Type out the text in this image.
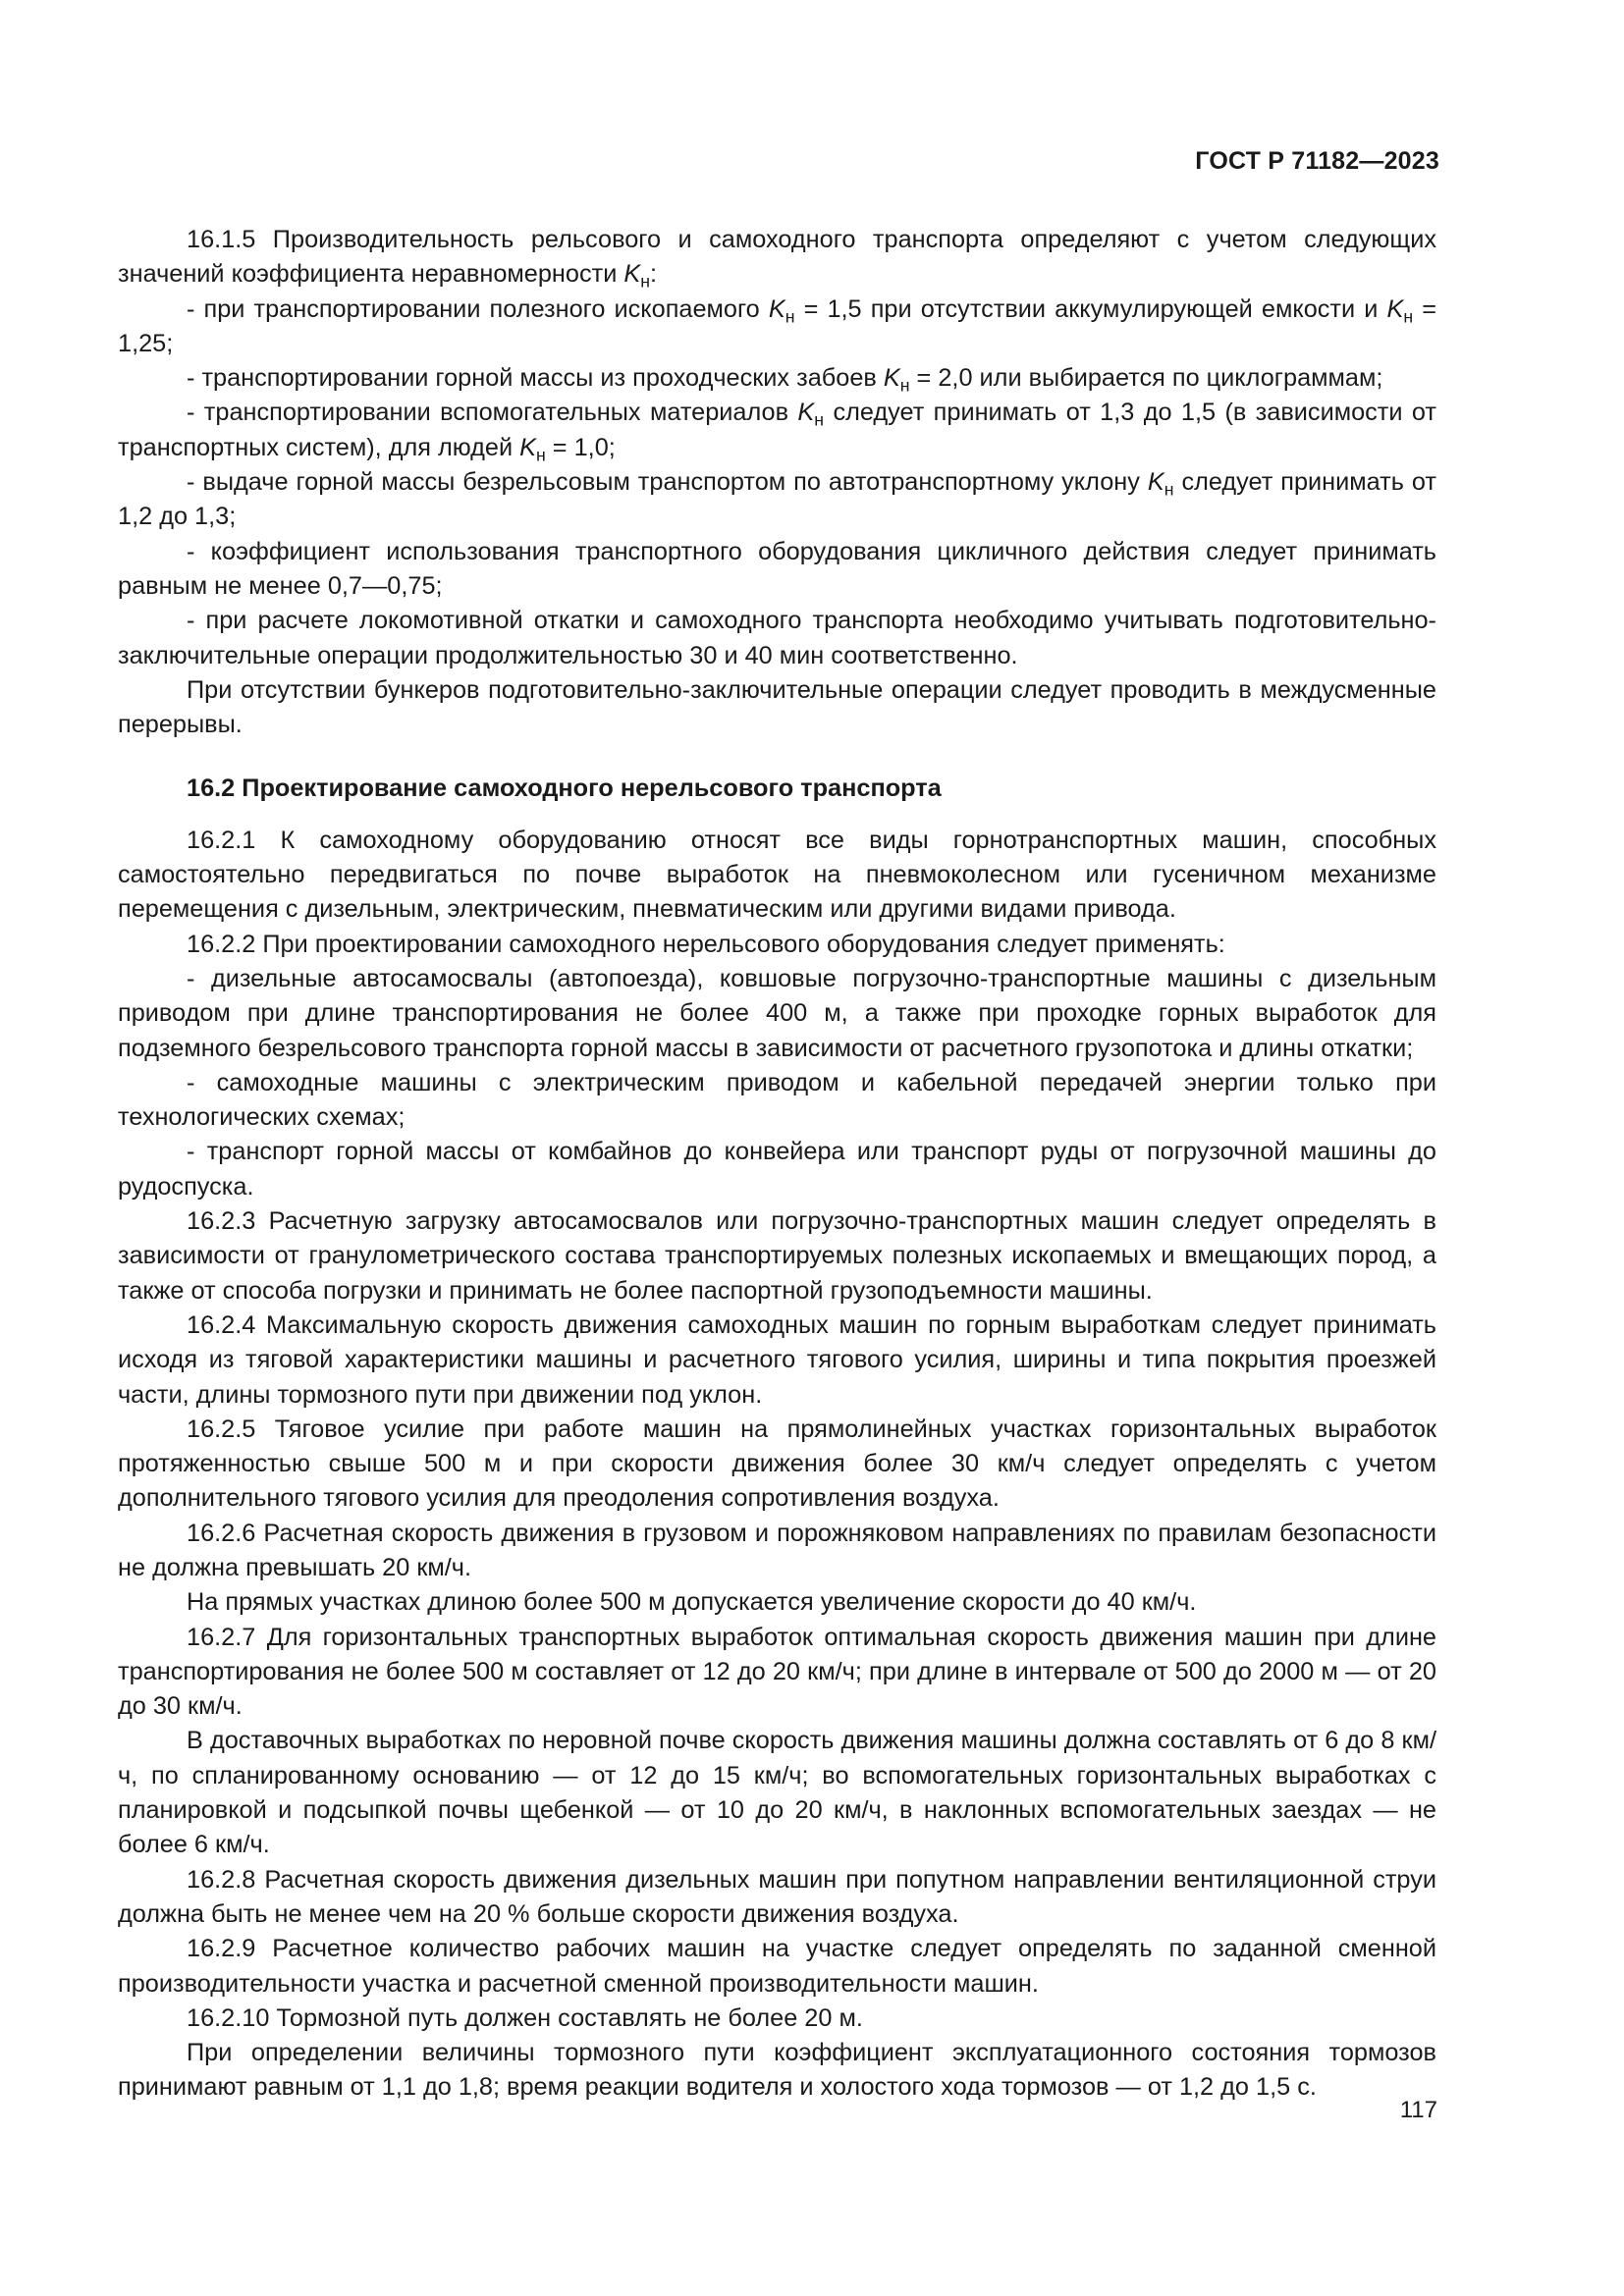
ГОСТ Р 71182—2023

16.1.5 Производительность рельсового и самоходного транспорта определяют с учетом следующих значений коэффициента неравномерности $K_н$:

- при транспортировании полезного ископаемого $K_н = 1,5$ при отсутствии аккумулирующей емкости и $K_н = 1,25$;

- транспортировании горной массы из проходческих забоев $K_н = 2,0$ или выбирается по циклограммам;

- транспортировании вспомогательных материалов $K_н$ следует принимать от 1,3 до 1,5 (в зависимости от транспортных систем), для людей $K_н = 1,0$;

- выдаче горной массы безрельсовым транспортом по автотранспортному уклону $K_н$ следует принимать от 1,2 до 1,3;

- коэффициент использования транспортного оборудования цикличного действия следует принимать равным не менее 0,7—0,75;

- при расчете локомотивной откатки и самоходного транспорта необходимо учитывать подготовительно-заключительные операции продолжительностью 30 и 40 мин соответственно.

При отсутствии бункеров подготовительно-заключительные операции следует проводить в междусменные перерывы.

16.2 Проектирование самоходного нерельсового транспорта

16.2.1 К самоходному оборудованию относят все виды горнотранспортных машин, способных самостоятельно передвигаться по почве выработок на пневмоколесном или гусеничном механизме перемещения с дизельным, электрическим, пневматическим или другими видами привода.

16.2.2 При проектировании самоходного нерельсового оборудования следует применять:

- дизельные автосамосвалы (автопоезда), ковшовые погрузочно-транспортные машины с дизельным приводом при длине транспортирования не более 400 м, а также при проходке горных выработок для подземного безрельсового транспорта горной массы в зависимости от расчетного грузопотока и длины откатки;

- самоходные машины с электрическим приводом и кабельной передачей энергии только при технологических схемах;

- транспорт горной массы от комбайнов до конвейера или транспорт руды от погрузочной машины до рудоспуска.

16.2.3 Расчетную загрузку автосамосвалов или погрузочно-транспортных машин следует определять в зависимости от гранулометрического состава транспортируемых полезных ископаемых и вмещающих пород, а также от способа погрузки и принимать не более паспортной грузоподъемности машины.

16.2.4 Максимальную скорость движения самоходных машин по горным выработкам следует принимать исходя из тяговой характеристики машины и расчетного тягового усилия, ширины и типа покрытия проезжей части, длины тормозного пути при движении под уклон.

16.2.5 Тяговое усилие при работе машин на прямолинейных участках горизонтальных выработок протяженностью свыше 500 м и при скорости движения более 30 км/ч следует определять с учетом дополнительного тягового усилия для преодоления сопротивления воздуха.

16.2.6 Расчетная скорость движения в грузовом и порожняковом направлениях по правилам безопасности не должна превышать 20 км/ч.

На прямых участках длиною более 500 м допускается увеличение скорости до 40 км/ч.

16.2.7 Для горизонтальных транспортных выработок оптимальная скорость движения машин при длине транспортирования не более 500 м составляет от 12 до 20 км/ч; при длине в интервале от 500 до 2000 м — от 20 до 30 км/ч.

В доставочных выработках по неровной почве скорость движения машины должна составлять от 6 до 8 км/ч, по спланированному основанию — от 12 до 15 км/ч; во вспомогательных горизонтальных выработках с планировкой и подсыпкой почвы щебенкой — от 10 до 20 км/ч, в наклонных вспомогательных заездах — не более 6 км/ч.

16.2.8 Расчетная скорость движения дизельных машин при попутном направлении вентиляционной струи должна быть не менее чем на 20 % больше скорости движения воздуха.

16.2.9 Расчетное количество рабочих машин на участке следует определять по заданной сменной производительности участка и расчетной сменной производительности машин.

16.2.10 Тормозной путь должен составлять не более 20 м.

При определении величины тормозного пути коэффициент эксплуатационного состояния тормозов принимают равным от 1,1 до 1,8; время реакции водителя и холостого хода тормозов — от 1,2 до 1,5 с.

117
